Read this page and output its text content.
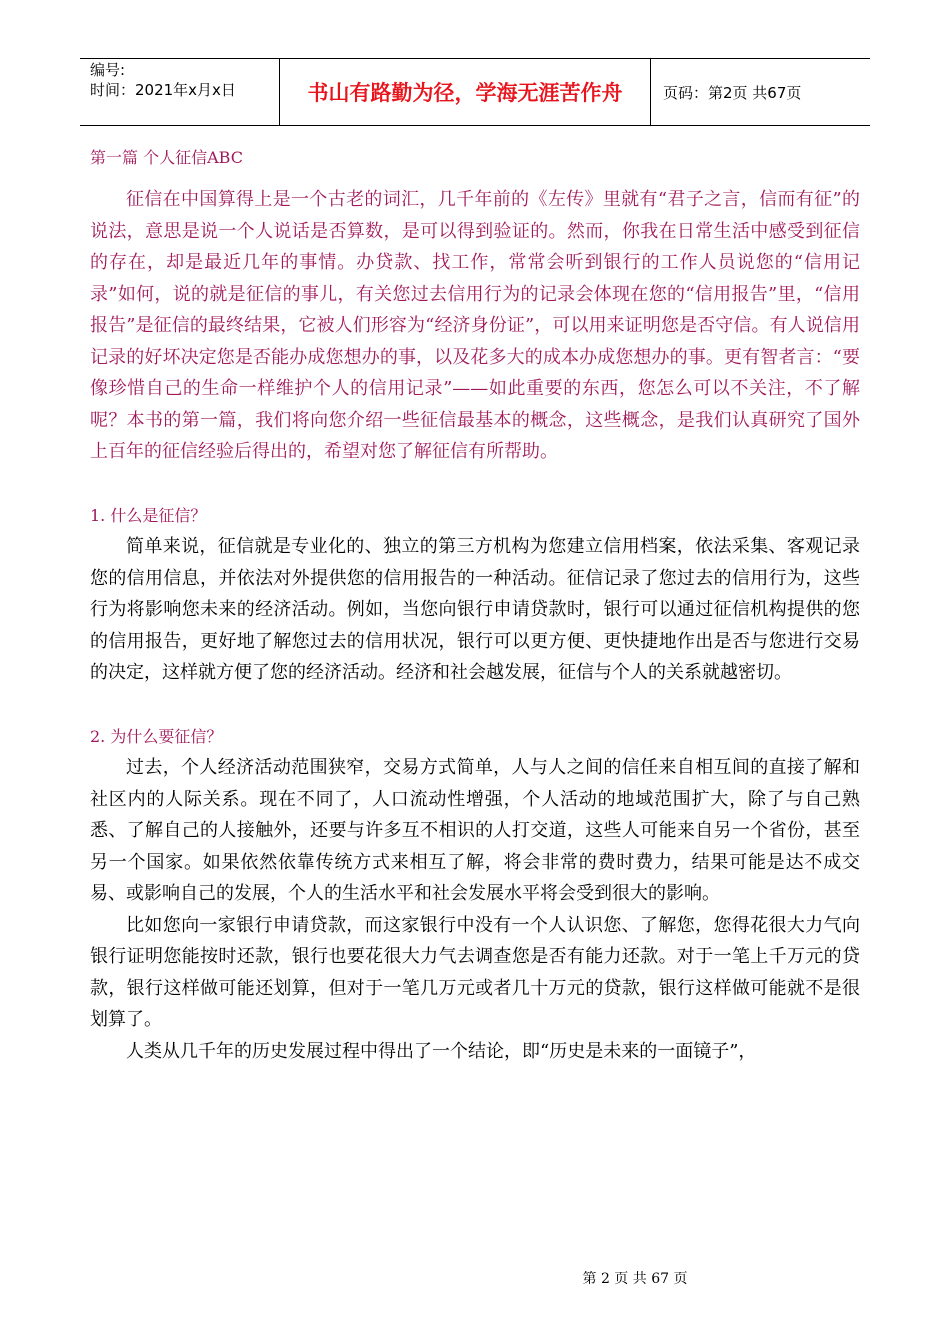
编号:
时间：2021年x月x日	书山有路勤为径，学海无涯苦作舟	页码：第2页 共67页
第一篇 个人征信ABC

征信在中国算得上是一个古老的词汇，几千年前的《左传》里就有“君子之言，信而有征”的说法，意思是说一个人说话是否算数，是可以得到验证的。然而，你我在日常生活中感受到征信的存在，却是最近几年的事情。办贷款、找工作，常常会听到银行的工作人员说您的“信用记录”如何，说的就是征信的事儿，有关您过去信用行为的记录会体现在您的“信用报告”里，“信用报告”是征信的最终结果，它被人们形容为“经济身份证”，可以用来证明您是否守信。有人说信用记录的好坏决定您是否能办成您想办的事，以及花多大的成本办成您想办的事。更有智者言：“要像珍惜自己的生命一样维护个人的信用记录”——如此重要的东西，您怎么可以不关注，不了解呢？本书的第一篇，我们将向您介绍一些征信最基本的概念，这些概念，是我们认真研究了国外上百年的征信经验后得出的，希望对您了解征信有所帮助。

1. 什么是征信？

简单来说，征信就是专业化的、独立的第三方机构为您建立信用档案，依法采集、客观记录您的信用信息，并依法对外提供您的信用报告的一种活动。征信记录了您过去的信用行为，这些行为将影响您未来的经济活动。例如，当您向银行申请贷款时，银行可以通过征信机构提供的您的信用报告，更好地了解您过去的信用状况，银行可以更方便、更快捷地作出是否与您进行交易的决定，这样就方便了您的经济活动。经济和社会越发展，征信与个人的关系就越密切。

2. 为什么要征信？

过去，个人经济活动范围狭窄，交易方式简单，人与人之间的信任来自相互间的直接了解和社区内的人际关系。现在不同了，人口流动性增强，个人活动的地域范围扩大，除了与自己熟悉、了解自己的人接触外，还要与许多互不相识的人打交道，这些人可能来自另一个省份，甚至另一个国家。如果依然依靠传统方式来相互了解，将会非常的费时费力，结果可能是达不成交易、或影响自己的发展，个人的生活水平和社会发展水平将会受到很大的影响。

比如您向一家银行申请贷款，而这家银行中没有一个人认识您、了解您，您得花很大力气向银行证明您能按时还款，银行也要花很大力气去调查您是否有能力还款。对于一笔上千万元的贷款，银行这样做可能还划算，但对于一笔几万元或者几十万元的贷款，银行这样做可能就不是很划算了。

人类从几千年的历史发展过程中得出了一个结论，即“历史是未来的一面镜子”，

第 2 页 共 67 页
